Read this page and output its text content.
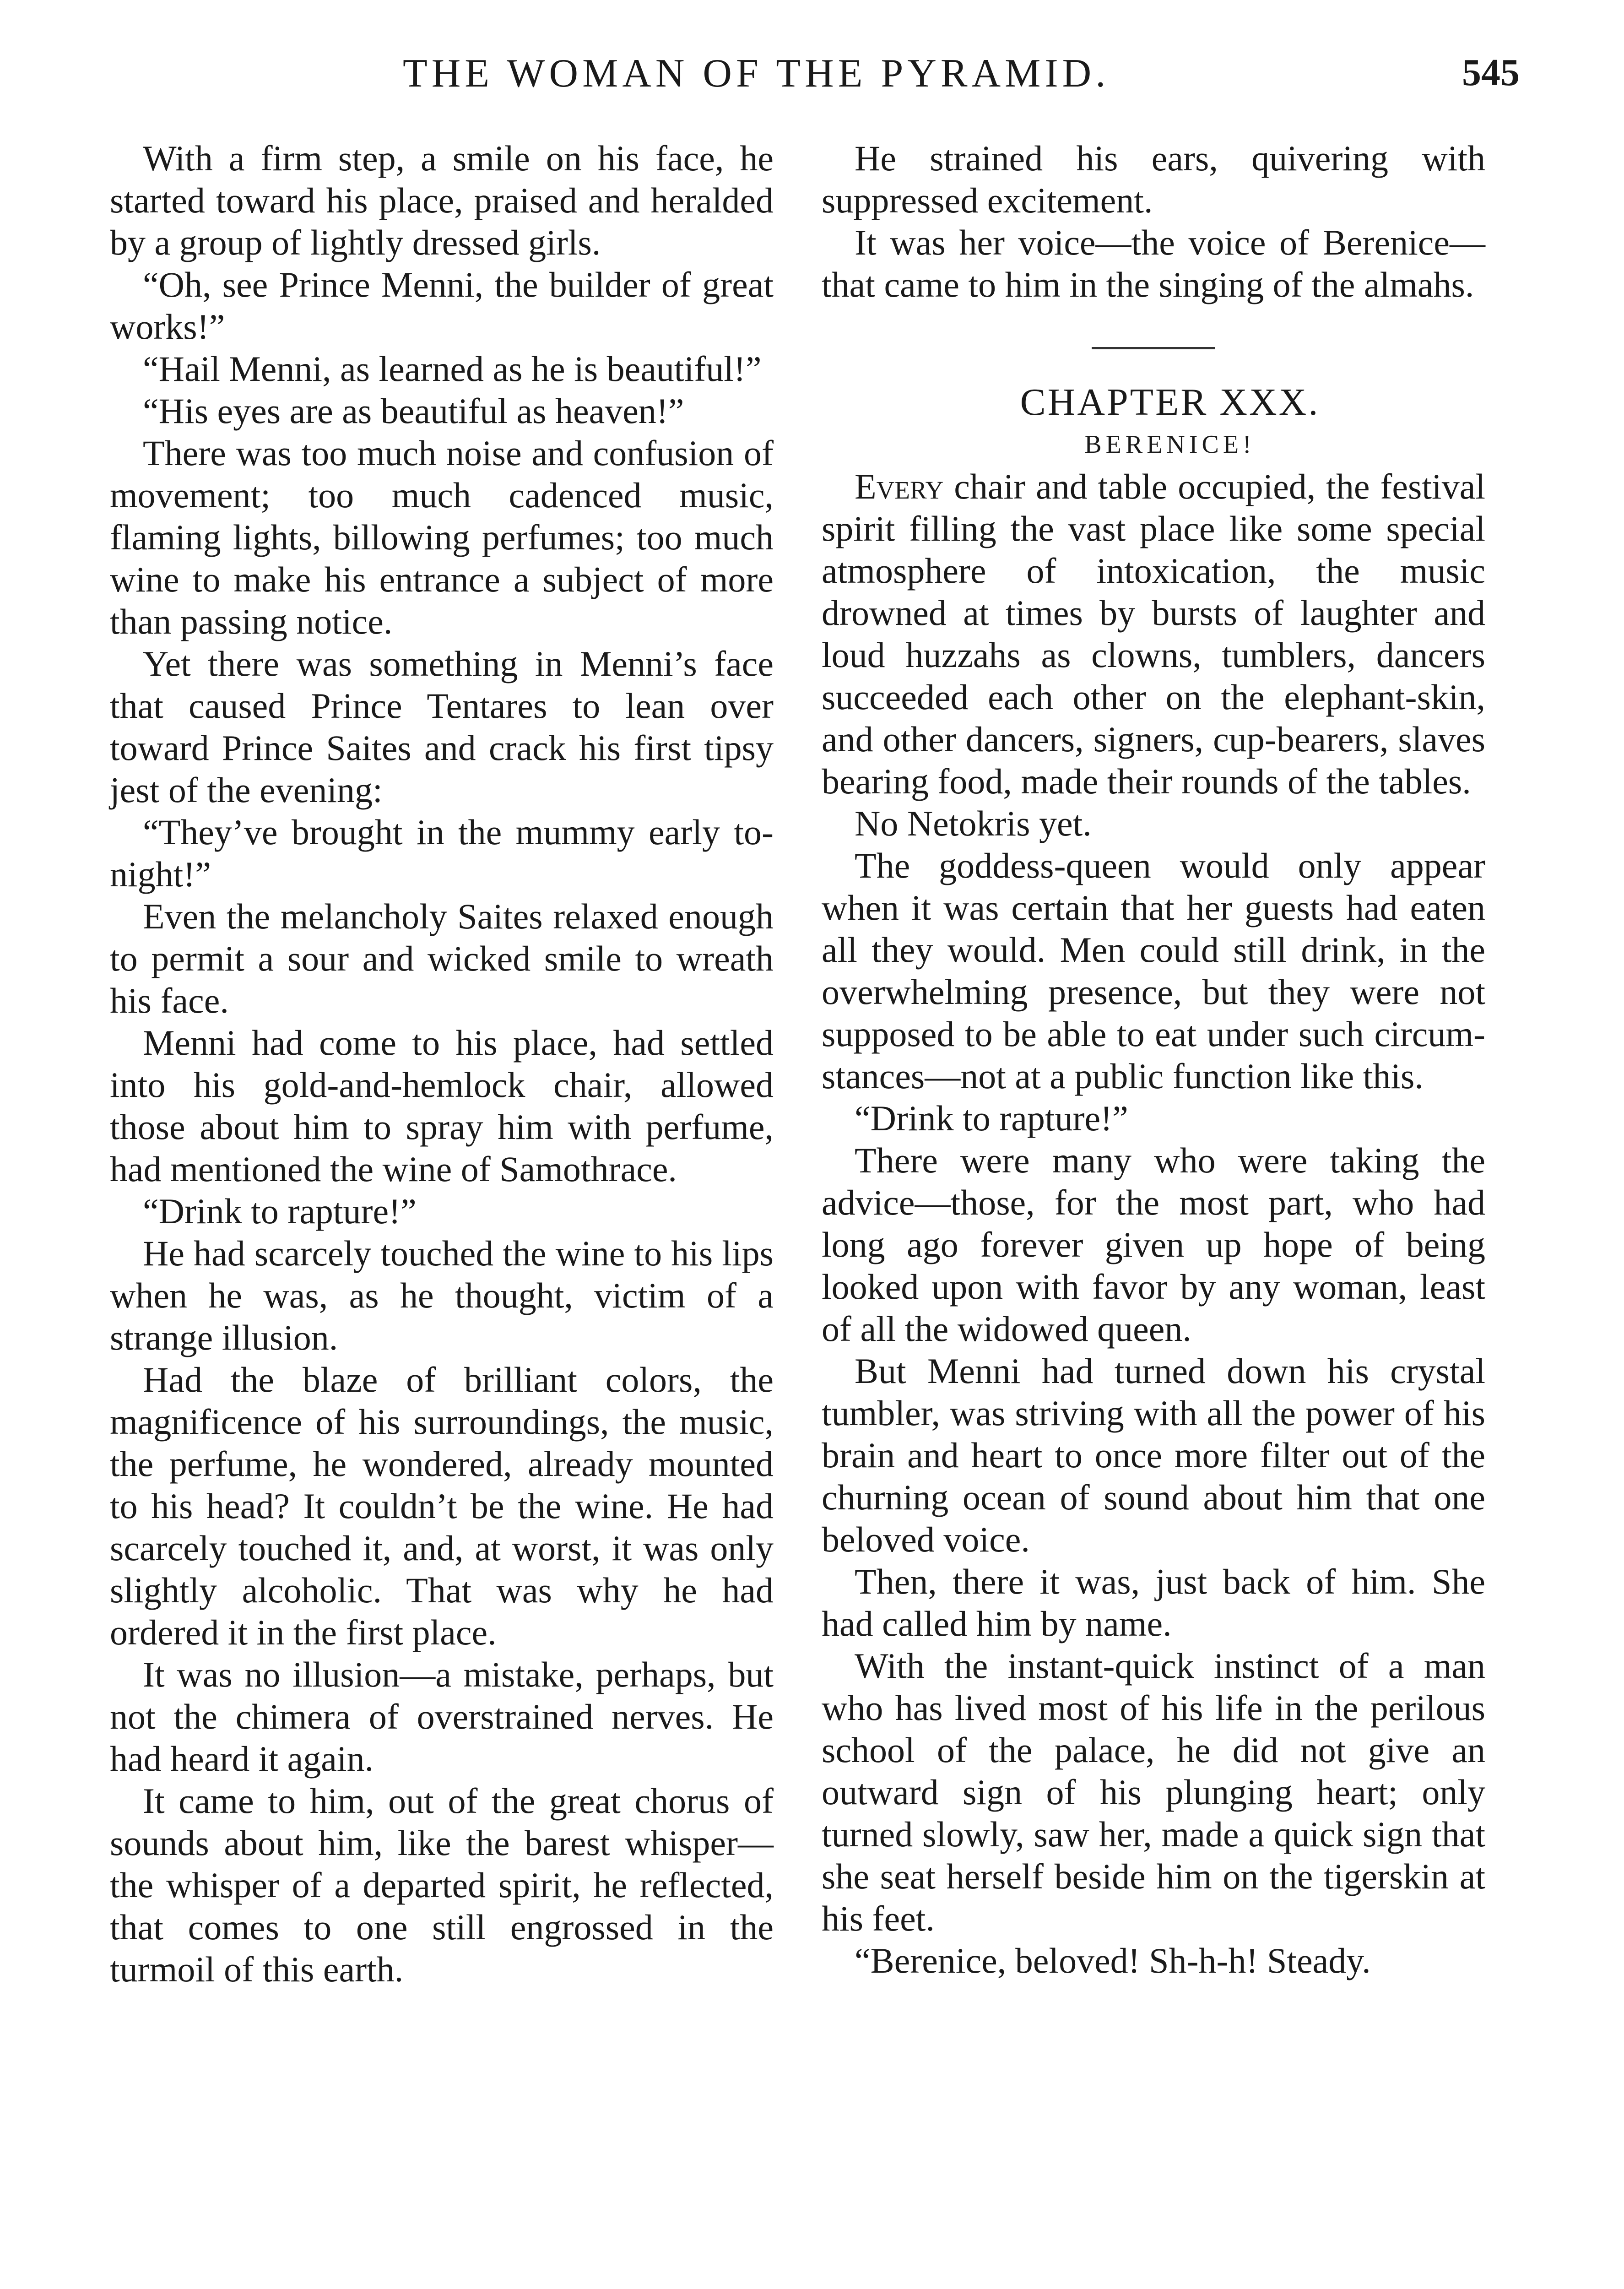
THE WOMAN OF THE PYRAMID.	545

With a firm step, a smile on his face, he started toward his place, praised and heralded by a group of lightly dressed girls.

“Oh, see Prince Menni, the builder of great works!”

“Hail Menni, as learned as he is beautiful!”

“His eyes are as beautiful as heaven!”

There was too much noise and confusion of movement; too much cadenced music, flaming lights, billowing perfumes; too much wine to make his entrance a subject of more than passing notice.

Yet there was something in Menni’s face that caused Prince Tentares to lean over toward Prince Saites and crack his first tipsy jest of the evening:

“They’ve brought in the mummy early to-night!”

Even the melancholy Saites relaxed enough to permit a sour and wicked smile to wreath his face.

Menni had come to his place, had settled into his gold-and-hemlock chair, allowed those about him to spray him with perfume, had mentioned the wine of Samothrace.

“Drink to rapture!”

He had scarcely touched the wine to his lips when he was, as he thought, victim of a strange illusion.

Had the blaze of brilliant colors, the magnificence of his surroundings, the music, the perfume, he wondered, already mounted to his head? It couldn’t be the wine. He had scarcely touched it, and, at worst, it was only slightly alcoholic. That was why he had ordered it in the first place.

It was no illusion—a mistake, perhaps, but not the chimera of overstrained nerves. He had heard it again.

It came to him, out of the great chorus of sounds about him, like the barest whisper—the whisper of a departed spirit, he reflected, that comes to one still engrossed in the turmoil of this earth.

He strained his ears, quivering with suppressed excitement.

It was her voice—the voice of Berenice—that came to him in the singing of the almahs.

CHAPTER XXX.

BERENICE!

Every chair and table occupied, the festival spirit filling the vast place like some special atmosphere of intoxication, the music drowned at times by bursts of laughter and loud huzzahs as clowns, tumblers, dancers succeeded each other on the elephant-skin, and other dancers, signers, cup-bearers, slaves bearing food, made their rounds of the tables.

No Netokris yet.

The goddess-queen would only appear when it was certain that her guests had eaten all they would. Men could still drink, in the overwhelming presence, but they were not supposed to be able to eat under such circumstances—not at a public function like this.

“Drink to rapture!”

There were many who were taking the advice—those, for the most part, who had long ago forever given up hope of being looked upon with favor by any woman, least of all the widowed queen.

But Menni had turned down his crystal tumbler, was striving with all the power of his brain and heart to once more filter out of the churning ocean of sound about him that one beloved voice.

Then, there it was, just back of him. She had called him by name.

With the instant-quick instinct of a man who has lived most of his life in the perilous school of the palace, he did not give an outward sign of his plunging heart; only turned slowly, saw her, made a quick sign that she seat herself beside him on the tigerskin at his feet.

“Berenice, beloved! Sh-h-h! Steady.
